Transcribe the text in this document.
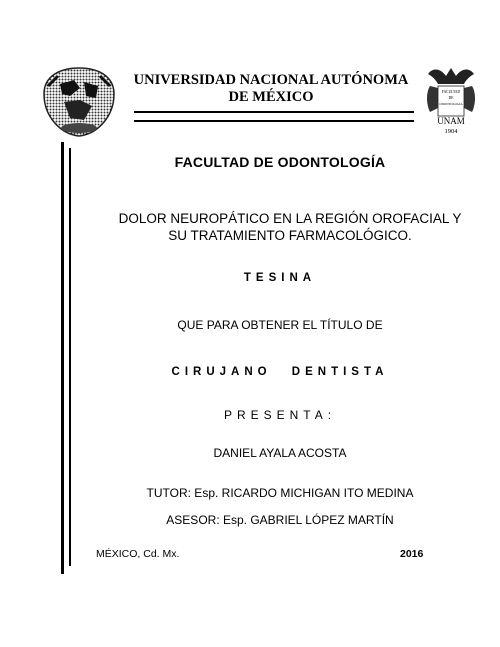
UNIVERSIDAD NACIONAL AUTÓNOMA DE MÉXICO	FACULTAD
DE
ODONTOLOGÍA
UNAM
1904
FACULTAD DE ODONTOLOGÍA
DOLOR NEUROPÁTICO EN LA REGIÓN OROFACIAL Y
SU TRATAMIENTO FARMACOLÓGICO.
TESINA
QUE PARA OBTENER EL TÍTULO DE
CIRUJANO DENTISTA
PRESENTA:
DANIEL AYALA ACOSTA
TUTOR: Esp. RICARDO MICHIGAN ITO MEDINA
ASESOR: Esp. GABRIEL LÓPEZ MARTÍN
MÉXICO, Cd. Mx.	2016
